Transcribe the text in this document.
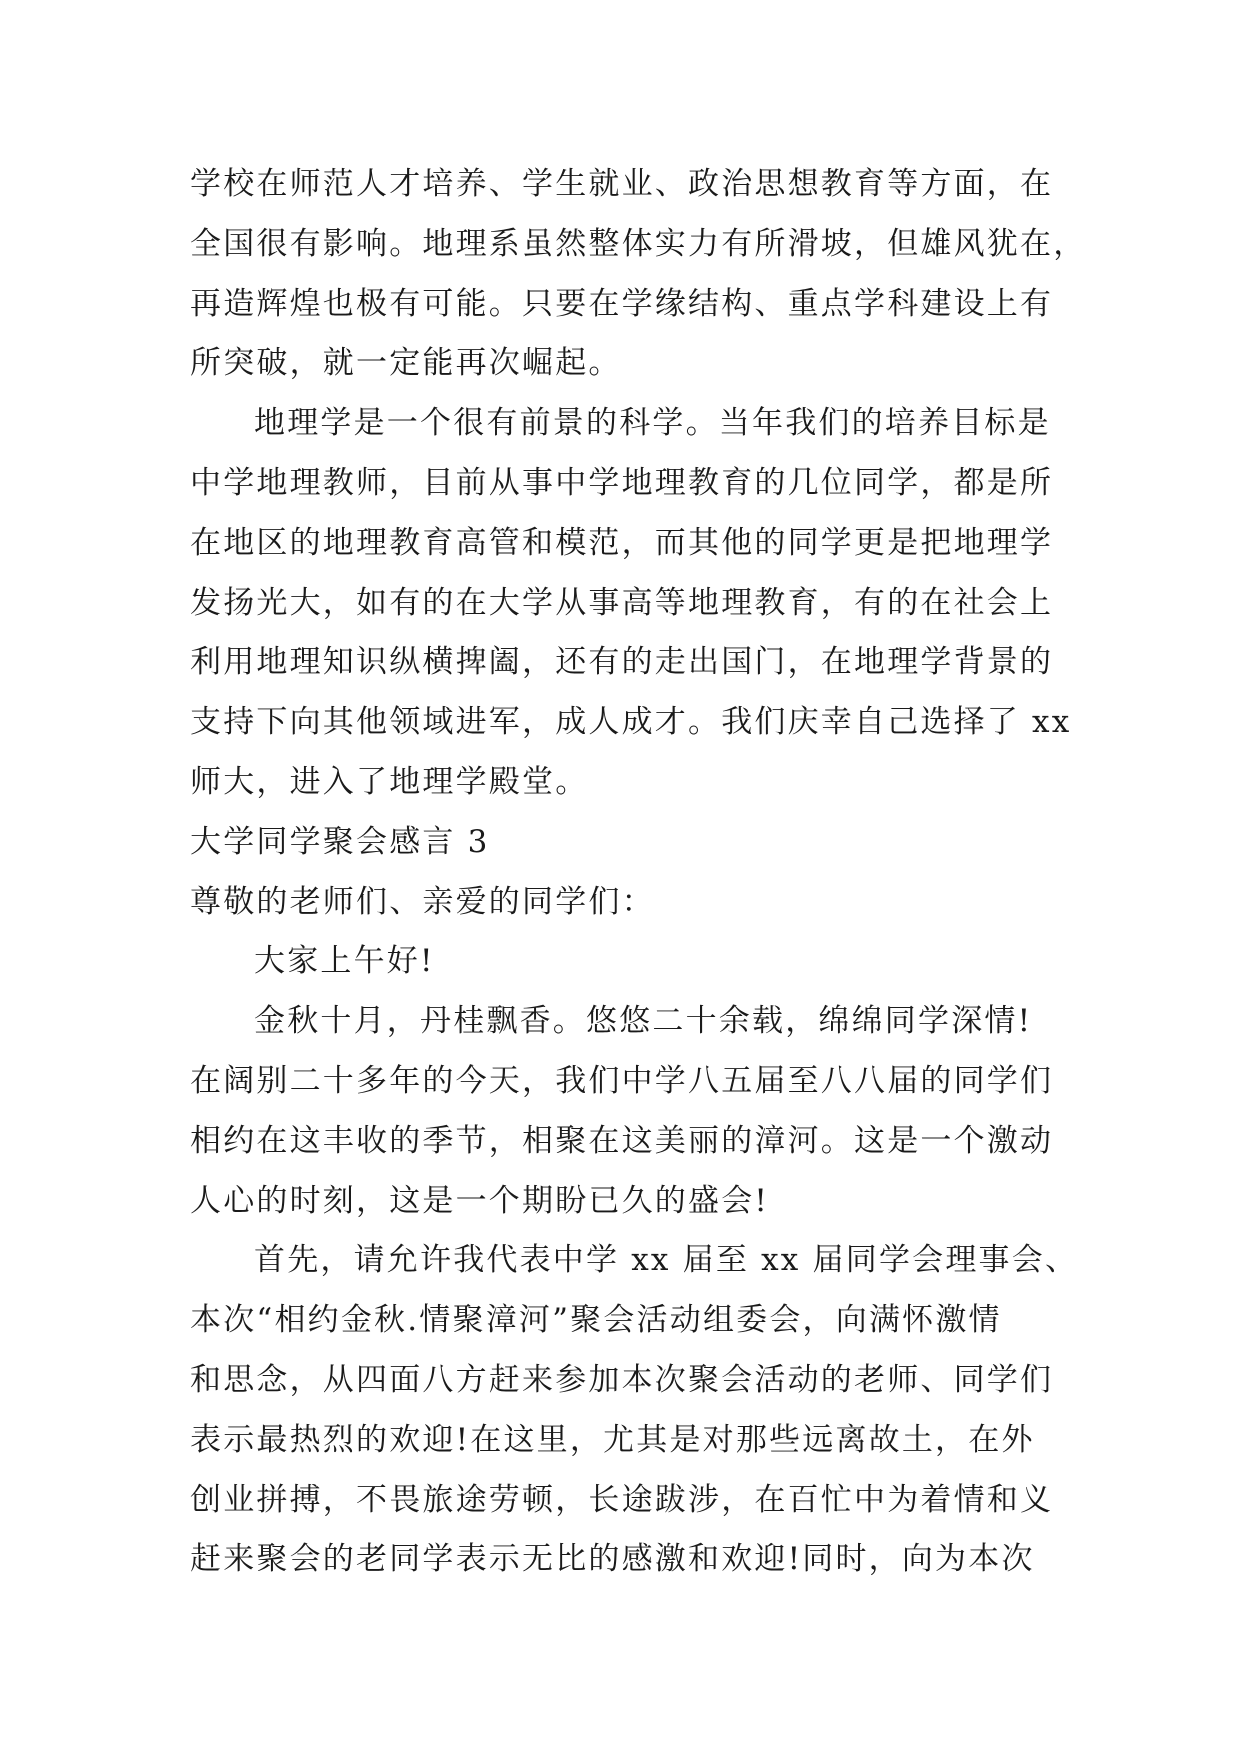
学校在师范人才培养、学生就业、政治思想教育等方面，在
全国很有影响。地理系虽然整体实力有所滑坡，但雄风犹在，
再造辉煌也极有可能。只要在学缘结构、重点学科建设上有
所突破，就一定能再次崛起。
地理学是一个很有前景的科学。当年我们的培养目标是
中学地理教师，目前从事中学地理教育的几位同学，都是所
在地区的地理教育高管和模范，而其他的同学更是把地理学
发扬光大，如有的在大学从事高等地理教育，有的在社会上
利用地理知识纵横捭阖，还有的走出国门，在地理学背景的
支持下向其他领域进军，成人成才。我们庆幸自己选择了 xx
师大，进入了地理学殿堂。
大学同学聚会感言 3
尊敬的老师们、亲爱的同学们：
大家上午好!
金秋十月，丹桂飘香。悠悠二十余载，绵绵同学深情!
在阔别二十多年的今天，我们中学八五届至八八届的同学们
相约在这丰收的季节，相聚在这美丽的漳河。这是一个激动
人心的时刻，这是一个期盼已久的盛会!
首先，请允许我代表中学 xx 届至 xx 届同学会理事会、
本次“相约金秋.情聚漳河”聚会活动组委会，向满怀激情
和思念，从四面八方赶来参加本次聚会活动的老师、同学们
表示最热烈的欢迎!在这里，尤其是对那些远离故土，在外
创业拼搏，不畏旅途劳顿，长途跋涉，在百忙中为着情和义
赶来聚会的老同学表示无比的感激和欢迎!同时，向为本次
